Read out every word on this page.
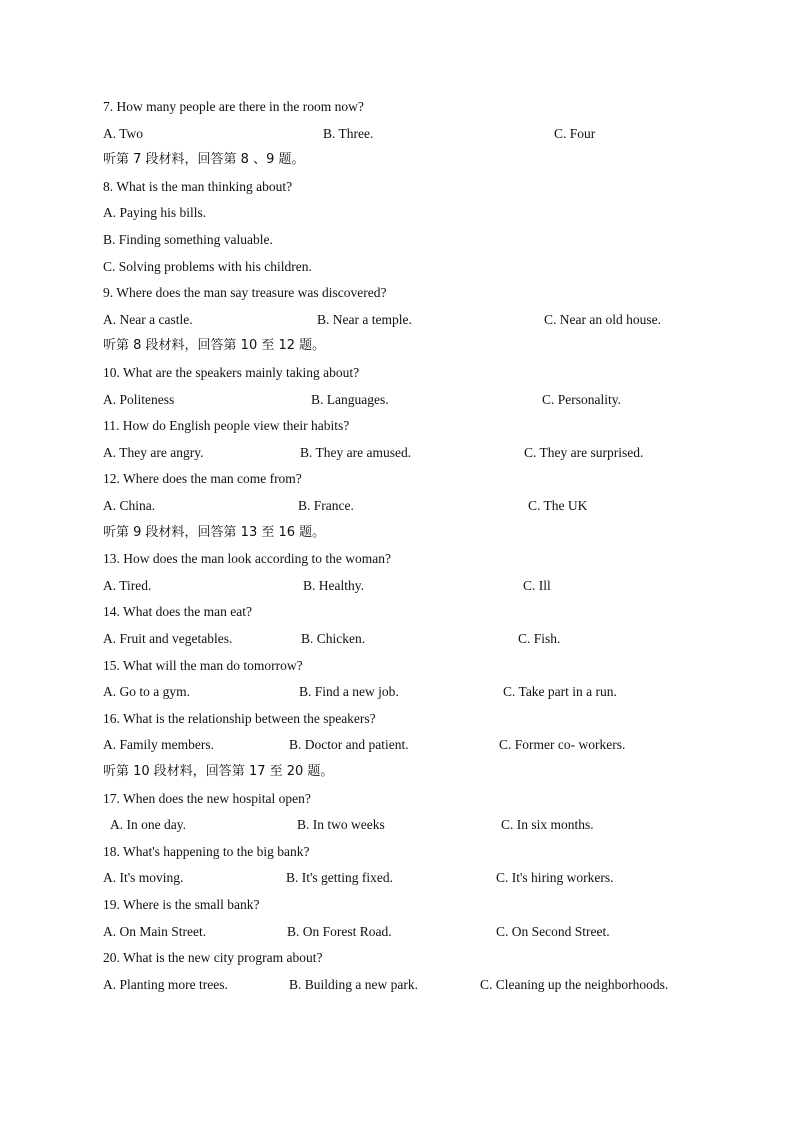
7. How many people are there in the room now?
A. Two	B. Three.	C. Four
听第 7 段材料，回答第 8 、9 题。
8. What is the man thinking about?
A. Paying his bills.
B. Finding something valuable.
C. Solving problems with his children.
9. Where does the man say treasure was discovered?
A. Near a castle.	B. Near a temple.	C. Near an old house.
听第 8 段材料，回答第 10 至 12 题。
10. What are the speakers mainly taking about?
A. Politeness	B. Languages.	C. Personality.
11. How do English people view their habits?
A. They are angry.	B. They are amused.	C. They are surprised.
12. Where does the man come from?
A. China.	B. France.	C. The UK
听第 9 段材料，回答第 13 至 16 题。
13. How does the man look according to the woman?
A. Tired.	B. Healthy.	C. Ill
14. What does the man eat?
A. Fruit and vegetables.	B. Chicken.	C. Fish.
15. What will the man do tomorrow?
A. Go to a gym.	B. Find a new job.	C. Take part in a run.
16. What is the relationship between the speakers?
A. Family members.	B. Doctor and patient.	C. Former co- workers.
听第 10 段材料，回答第 17 至 20 题。
17. When does the new hospital open?
A. In one day.	B. In two weeks	C. In six months.
18. What's happening to the big bank?
A. It's moving.	B. It's getting fixed.	C. It's hiring workers.
19. Where is the small bank?
A. On Main Street.	B. On Forest Road.	C. On Second Street.
20. What is the new city program about?
A. Planting more trees.	B. Building a new park.	C. Cleaning up the neighborhoods.
